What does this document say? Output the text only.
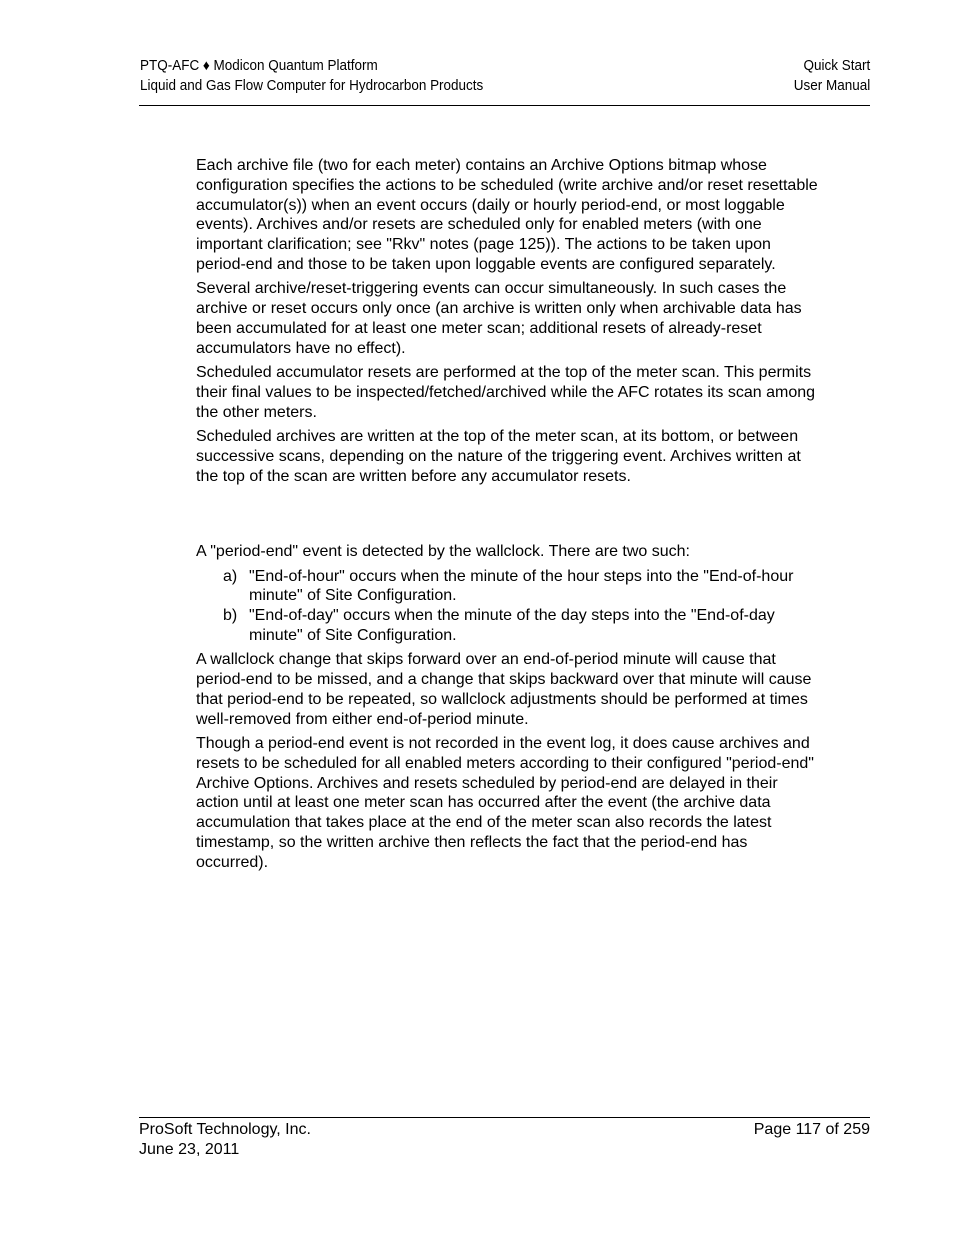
PTQ-AFC ♦ Modicon Quantum Platform
Liquid and Gas Flow Computer for Hydrocarbon Products
Quick Start
User Manual

Each archive file (two for each meter) contains an Archive Options bitmap whose configuration specifies the actions to be scheduled (write archive and/or reset resettable accumulator(s)) when an event occurs (daily or hourly period-end, or most loggable events). Archives and/or resets are scheduled only for enabled meters (with one important clarification; see "Rkv" notes (page 125)). The actions to be taken upon period-end and those to be taken upon loggable events are configured separately.

Several archive/reset-triggering events can occur simultaneously. In such cases the archive or reset occurs only once (an archive is written only when archivable data has been accumulated for at least one meter scan; additional resets of already-reset accumulators have no effect).

Scheduled accumulator resets are performed at the top of the meter scan. This permits their final values to be inspected/fetched/archived while the AFC rotates its scan among the other meters.

Scheduled archives are written at the top of the meter scan, at its bottom, or between successive scans, depending on the nature of the triggering event. Archives written at the top of the scan are written before any accumulator resets.

A "period-end" event is detected by the wallclock. There are two such:

a) "End-of-hour" occurs when the minute of the hour steps into the "End-of-hour minute" of Site Configuration.
b) "End-of-day" occurs when the minute of the day steps into the "End-of-day minute" of Site Configuration.

A wallclock change that skips forward over an end-of-period minute will cause that period-end to be missed, and a change that skips backward over that minute will cause that period-end to be repeated, so wallclock adjustments should be performed at times well-removed from either end-of-period minute.

Though a period-end event is not recorded in the event log, it does cause archives and resets to be scheduled for all enabled meters according to their configured "period-end" Archive Options. Archives and resets scheduled by period-end are delayed in their action until at least one meter scan has occurred after the event (the archive data accumulation that takes place at the end of the meter scan also records the latest timestamp, so the written archive then reflects the fact that the period-end has occurred).

ProSoft Technology, Inc.
June 23, 2011
Page 117 of 259
